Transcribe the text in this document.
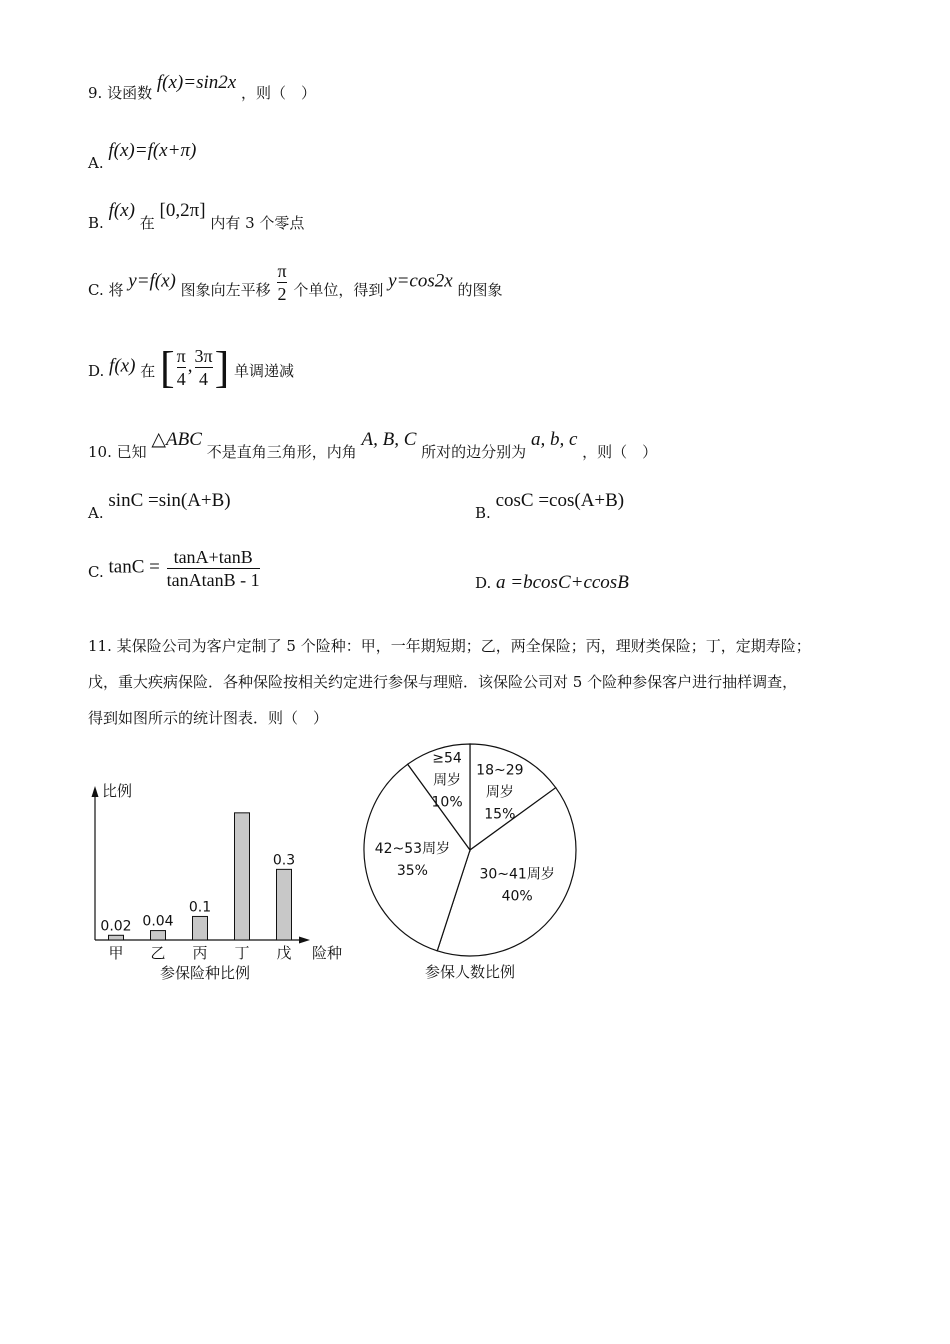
9. 设函数 f(x)=sin2x ，则（　）
A. f(x)=f(x+π)
B. f(x) 在 [0,2π] 内有 3 个零点
C. 将 y=f(x) 图象向左平移 $\frac{\pi}{2}$ 个单位，得到 y=cos2x 的图象
D. f(x) 在 [ $\frac{\pi}{4}$ , $\frac{3\pi}{4}$ ] 单调递减
10. 已知 △ABC 不是直角三角形，内角 A, B, C 所对的边分别为 a, b, c ，则（　）
A. sinC =sin(A+B)
B. cosC =cos(A+B)
C. $\tan C = \frac{\tan A+\tan B}{\text{tanAtanB - 1}}$	D. a =bcosC+ccosB
11. 某保险公司为客户定制了 5 个险种：甲，一年期短期；乙，两全保险；丙，理财类保险；丁，定期寿险；
戊，重大疾病保险．各种保险按相关约定进行参保与理赔．该保险公司对 5 个险种参保客户进行抽样调查，
得到如图所示的统计图表．则（　）
比例
险种
参保险种比例
甲
0.02
乙
0.04
丙
0.1
丁 戊
0.3
18~29
周岁
15%
30~41周岁
40%
42~53周岁
35%
≥54
周岁
10%
参保人数比例
